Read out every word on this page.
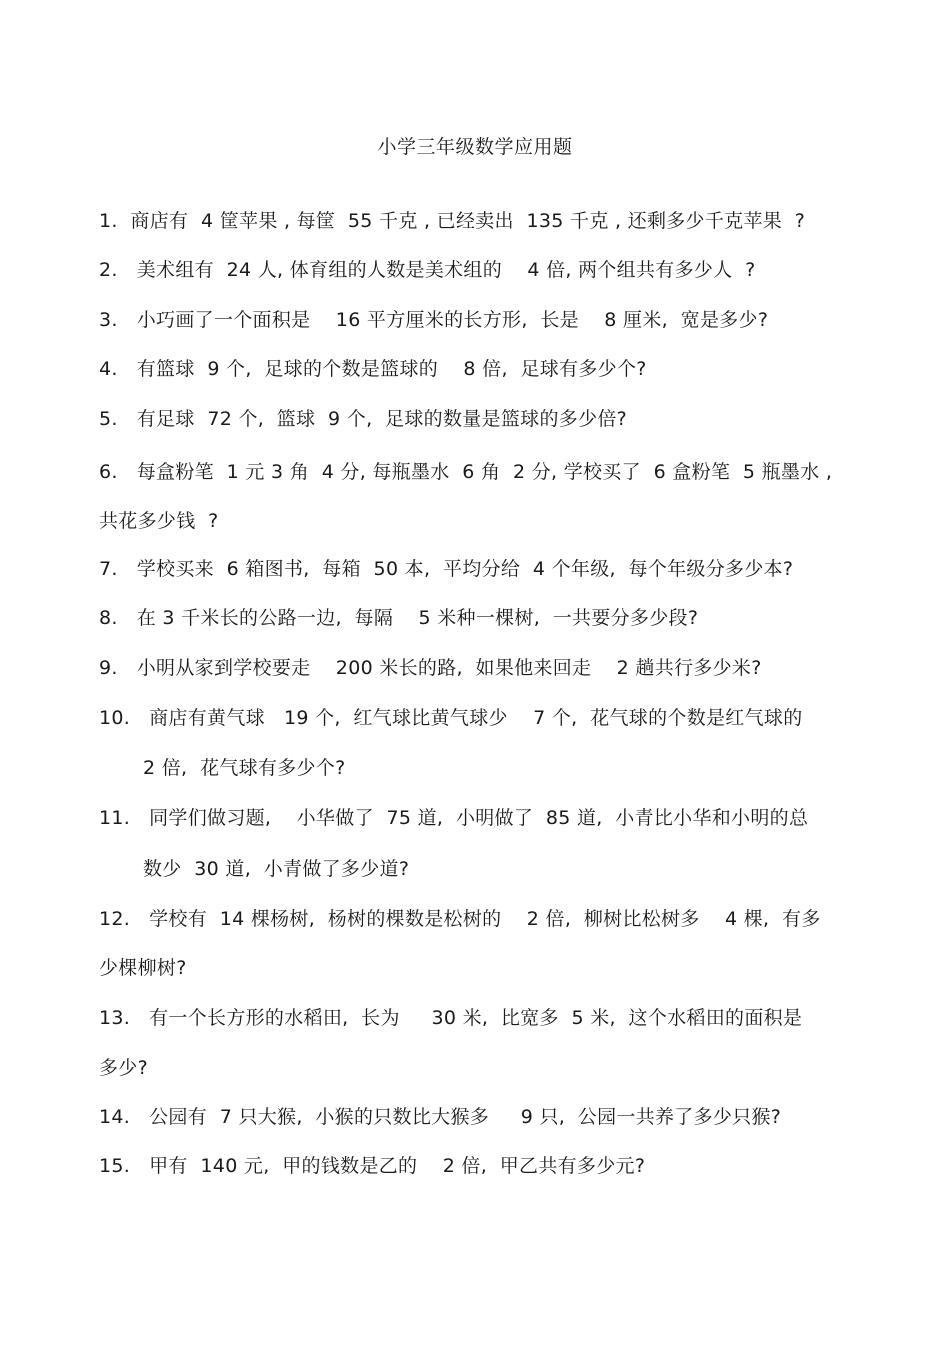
小学三年级数学应用题
1.  商店有  4 筐苹果 , 每筐  55 千克 , 已经卖出  135 千克 , 还剩多少千克苹果  ?
2.   美术组有  24 人, 体育组的人数是美术组的    4 倍, 两个组共有多少人  ?
3.   小巧画了一个面积是    16 平方厘米的长方形,  长是    8 厘米,  宽是多少?
4.   有篮球  9 个,  足球的个数是篮球的    8 倍,  足球有多少个?
5.   有足球  72 个,  篮球  9 个,  足球的数量是篮球的多少倍?
6.   每盒粉笔  1 元 3 角  4 分, 每瓶墨水  6 角  2 分, 学校买了  6 盒粉笔  5 瓶墨水 ,
共花多少钱  ?
7.   学校买来  6 箱图书,  每箱  50 本,  平均分给  4 个年级,  每个年级分多少本?
8.   在 3 千米长的公路一边,  每隔    5 米种一棵树,  一共要分多少段?
9.   小明从家到学校要走    200 米长的路,  如果他来回走    2 趟共行多少米?
10.   商店有黄气球   19 个,  红气球比黄气球少    7 个,  花气球的个数是红气球的
2 倍,  花气球有多少个?
11.   同学们做习题,    小华做了  75 道,  小明做了  85 道,  小青比小华和小明的总
数少  30 道,  小青做了多少道?
12.   学校有  14 棵杨树,  杨树的棵数是松树的    2 倍,  柳树比松树多    4 棵,  有多
少棵柳树?
13.   有一个长方形的水稻田,  长为     30 米,  比宽多  5 米,  这个水稻田的面积是
多少?
14.   公园有  7 只大猴,  小猴的只数比大猴多     9 只,  公园一共养了多少只猴?
15.   甲有  140 元,  甲的钱数是乙的    2 倍,  甲乙共有多少元?
